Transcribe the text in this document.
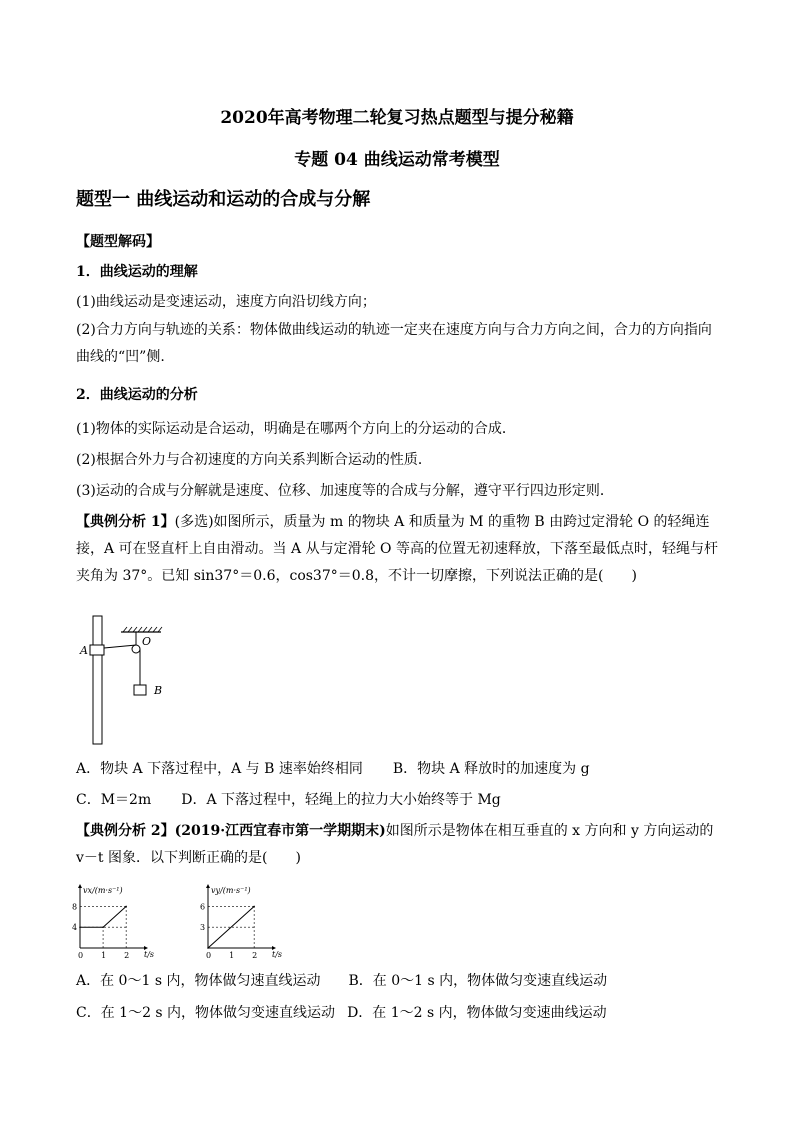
2020年高考物理二轮复习热点题型与提分秘籍
专题 04 曲线运动常考模型
题型一 曲线运动和运动的合成与分解
【题型解码】
1．曲线运动的理解
(1)曲线运动是变速运动，速度方向沿切线方向；
(2)合力方向与轨迹的关系：物体做曲线运动的轨迹一定夹在速度方向与合力方向之间，合力的方向指向曲线的“凹”侧.
2．曲线运动的分析
(1)物体的实际运动是合运动，明确是在哪两个方向上的分运动的合成．
(2)根据合外力与合初速度的方向关系判断合运动的性质．
(3)运动的合成与分解就是速度、位移、加速度等的合成与分解，遵守平行四边形定则．
【典例分析 1】(多选)如图所示，质量为 m 的物块 A 和质量为 M 的重物 B 由跨过定滑轮 O 的轻绳连接，A 可在竖直杆上自由滑动。当 A 从与定滑轮 O 等高的位置无初速释放，下落至最低点时，轻绳与杆夹角为 37°。已知 sin37°＝0.6，cos37°＝0.8，不计一切摩擦，下列说法正确的是(　　)
A
O
B
A．物块 A 下落过程中，A 与 B 速率始终相同 B．物块 A 释放时的加速度为 g
C．M＝2m D．A 下落过程中，轻绳上的拉力大小始终等于 Mg
【典例分析 2】(2019·江西宜春市第一学期期末)如图所示是物体在相互垂直的 x 方向和 y 方向运动的 v－t 图象．以下判断正确的是(　　)
vx/(m·s⁻¹)
t/s
0 1 2
4
8
vy/(m·s⁻¹)
t/s
0 1 2
3
6
A．在 0～1 s 内，物体做匀速直线运动 B．在 0～1 s 内，物体做匀变速直线运动
C．在 1～2 s 内，物体做匀变速直线运动 D．在 1～2 s 内，物体做匀变速曲线运动
